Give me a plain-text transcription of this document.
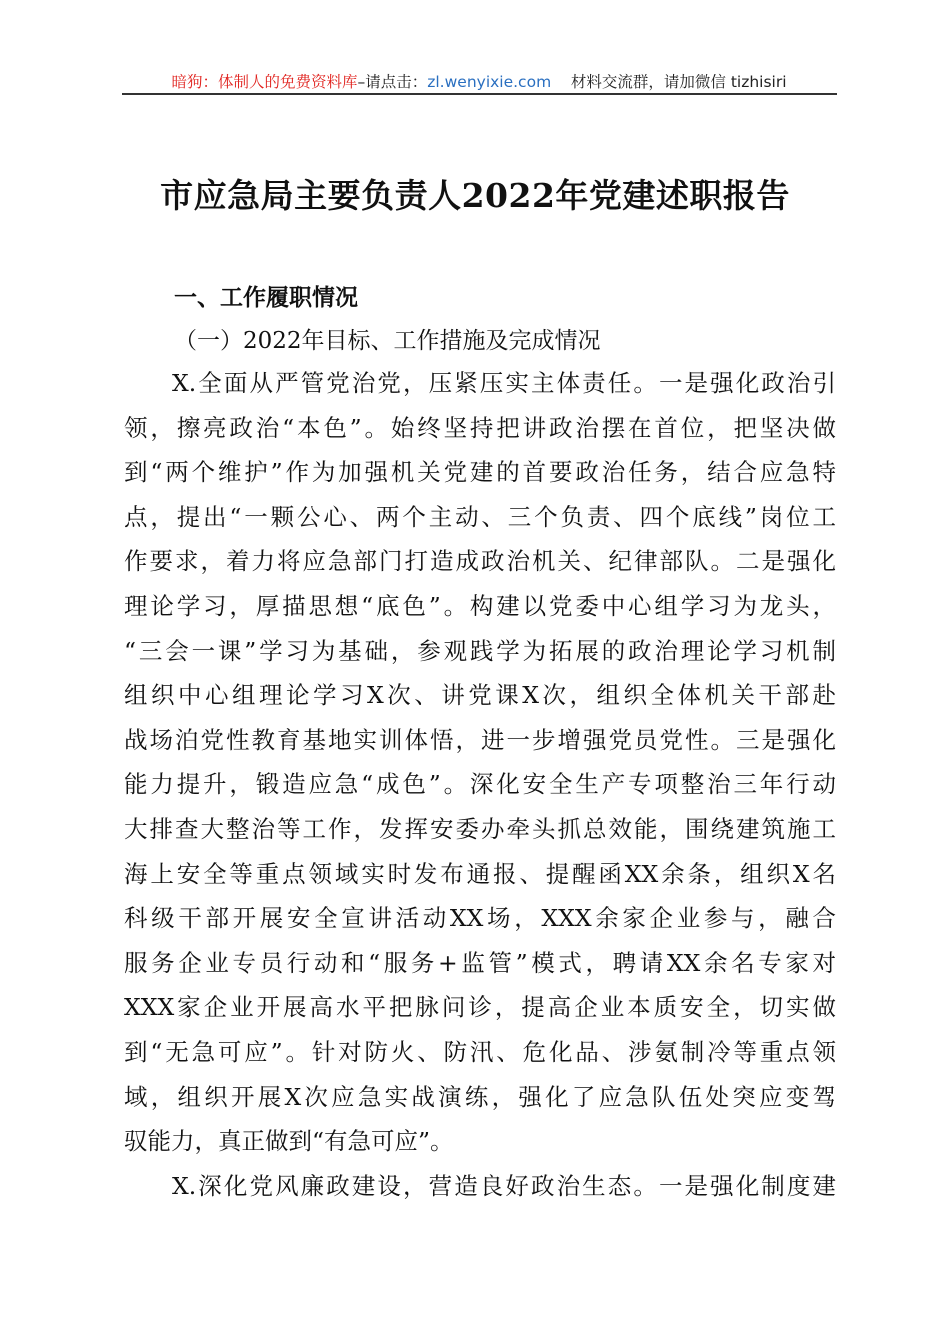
暗狗：体制人的免费资料库–请点击：zl.wenyixie.com 材料交流群，请加微信 tizhisiri
市应急局主要负责人2022年党建述职报告
一、工作履职情况
（一）2022年目标、工作措施及完成情况
X.全面从严管党治党，压紧压实主体责任。一是强化政治引
领，擦亮政治“本色”。始终坚持把讲政治摆在首位，把坚决做
到“两个维护”作为加强机关党建的首要政治任务，结合应急特
点，提出“一颗公心、两个主动、三个负责、四个底线”岗位工
作要求，着力将应急部门打造成政治机关、纪律部队。二是强化
理论学习，厚描思想“底色”。构建以党委中心组学习为龙头，
“三会一课”学习为基础，参观践学为拓展的政治理论学习机制
组织中心组理论学习X次、讲党课X次，组织全体机关干部赴
战场泊党性教育基地实训体悟，进一步增强党员党性。三是强化
能力提升，锻造应急“成色”。深化安全生产专项整治三年行动
大排查大整治等工作，发挥安委办牵头抓总效能，围绕建筑施工
海上安全等重点领域实时发布通报、提醒函XX余条，组织X名
科级干部开展安全宣讲活动XX场，XXX余家企业参与，融合
服务企业专员行动和“服务+监管”模式，聘请XX余名专家对
XXX家企业开展高水平把脉问诊，提高企业本质安全，切实做
到“无急可应”。针对防火、防汛、危化品、涉氨制冷等重点领
域，组织开展X次应急实战演练，强化了应急队伍处突应变驾
驭能力，真正做到“有急可应”。
X.深化党风廉政建设，营造良好政治生态。一是强化制度建
